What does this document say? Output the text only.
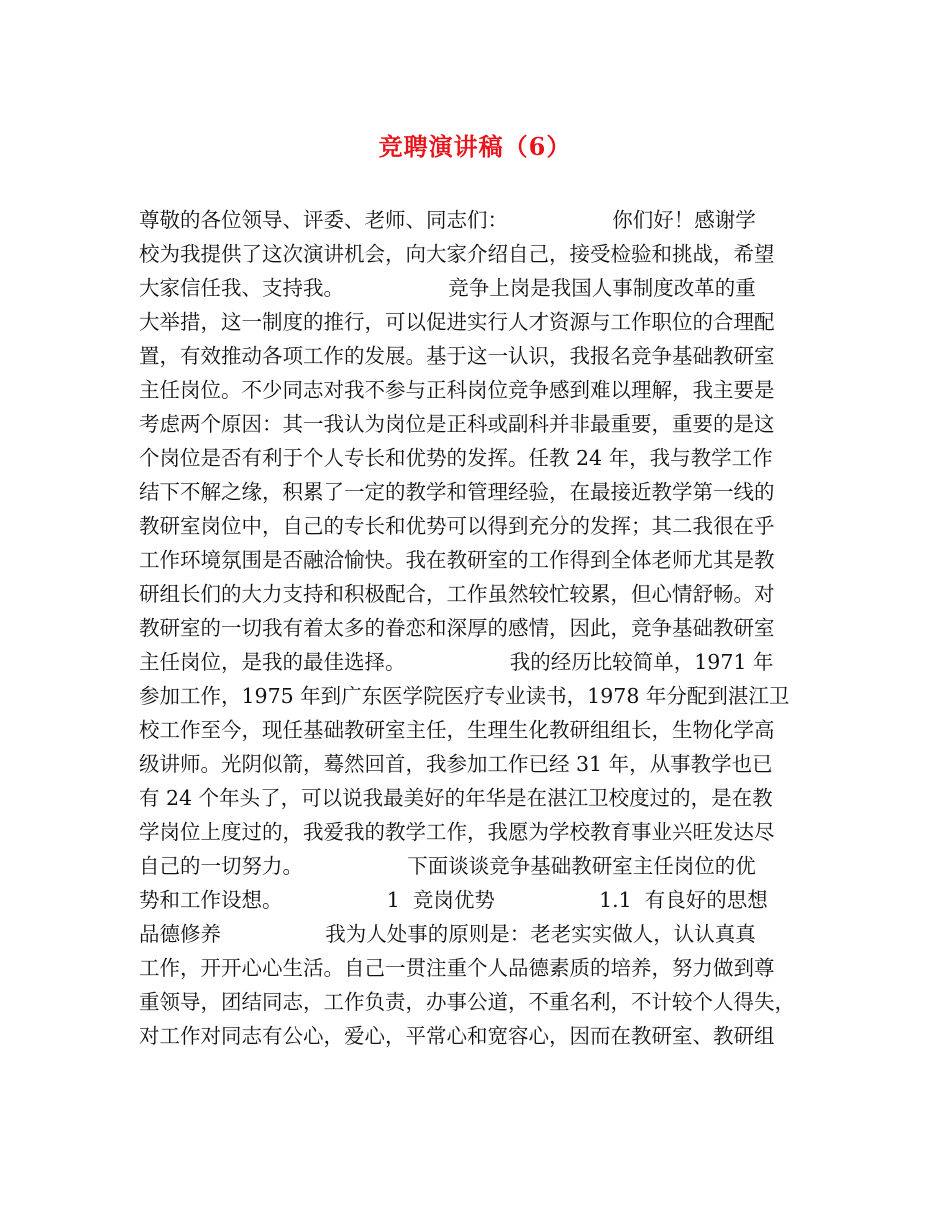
竞聘演讲稿（6）
尊敬的各位领导、评委、老师、同志们：                你们好！感谢学
校为我提供了这次演讲机会，向大家介绍自己，接受检验和挑战，希望
大家信任我、支持我。                竞争上岗是我国人事制度改革的重
大举措，这一制度的推行，可以促进实行人才资源与工作职位的合理配
置，有效推动各项工作的发展。基于这一认识，我报名竞争基础教研室
主任岗位。不少同志对我不参与正科岗位竞争感到难以理解，我主要是
考虑两个原因：其一我认为岗位是正科或副科并非最重要，重要的是这
个岗位是否有利于个人专长和优势的发挥。任教 24 年，我与教学工作
结下不解之缘，积累了一定的教学和管理经验，在最接近教学第一线的
教研室岗位中，自己的专长和优势可以得到充分的发挥；其二我很在乎
工作环境氛围是否融洽愉快。我在教研室的工作得到全体老师尤其是教
研组长们的大力支持和积极配合，工作虽然较忙较累，但心情舒畅。对
教研室的一切我有着太多的眷恋和深厚的感情，因此，竞争基础教研室
主任岗位，是我的最佳选择。                我的经历比较简单，1971 年
参加工作，1975 年到广东医学院医疗专业读书，1978 年分配到湛江卫
校工作至今，现任基础教研室主任，生理生化教研组组长，生物化学高
级讲师。光阴似箭，蓦然回首，我参加工作已经 31 年，从事教学也已
有 24 个年头了，可以说我最美好的年华是在湛江卫校度过的，是在教
学岗位上度过的，我爱我的教学工作，我愿为学校教育事业兴旺发达尽
自己的一切努力。                下面谈谈竞争基础教研室主任岗位的优
势和工作设想。                1  竞岗优势                1.1  有良好的思想
品德修养                我为人处事的原则是：老老实实做人，认认真真
工作，开开心心生活。自己一贯注重个人品德素质的培养，努力做到尊
重领导，团结同志，工作负责，办事公道，不重名利，不计较个人得失，
对工作对同志有公心，爱心，平常心和宽容心，因而在教研室、教研组
